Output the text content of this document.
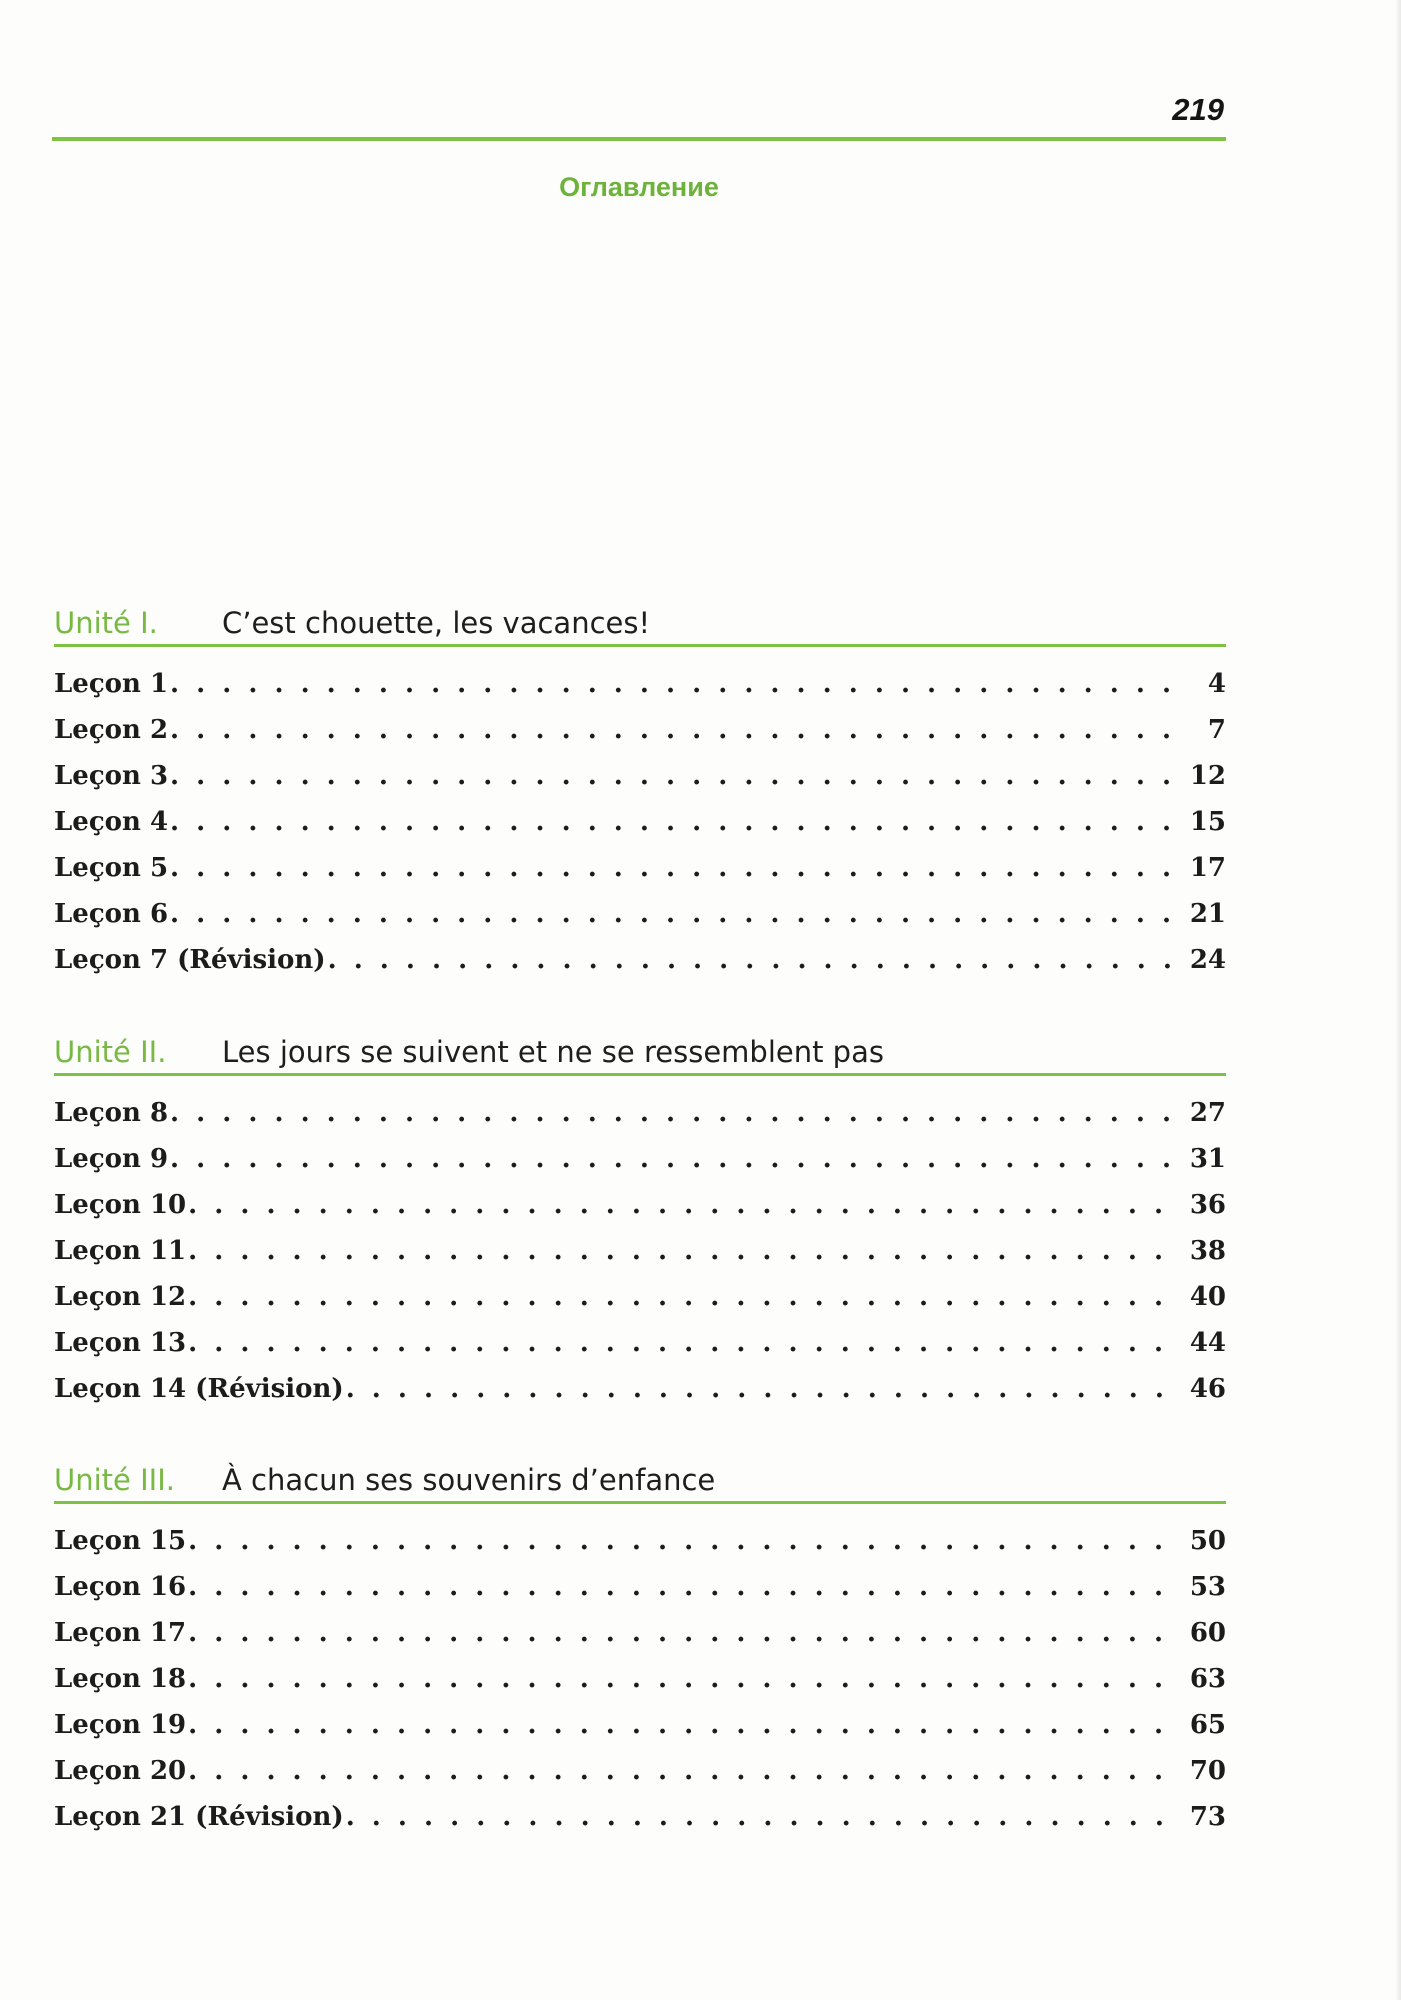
219
Оглавление
Unité I. C’est chouette, les vacances!
Leçon 1 . . .	4
Leçon 2 . . .	7
Leçon 3 . . .	12
Leçon 4 . . .	15
Leçon 5 . . .	17
Leçon 6 . . .	21
Leçon 7 (Révision) . . .	24
Unité II. Les jours se suivent et ne se ressemblent pas
Leçon 8 . . .	27
Leçon 9 . . .	31
Leçon 10 . . .	36
Leçon 11 . . .	38
Leçon 12 . . .	40
Leçon 13 . . .	44
Leçon 14 (Révision) . . .	46
Unité III. À chacun ses souvenirs d’enfance
Leçon 15 . . .	50
Leçon 16 . . .	53
Leçon 17 . . .	60
Leçon 18 . . .	63
Leçon 19 . . .	65
Leçon 20 . . .	70
Leçon 21 (Révision) . . .	73
